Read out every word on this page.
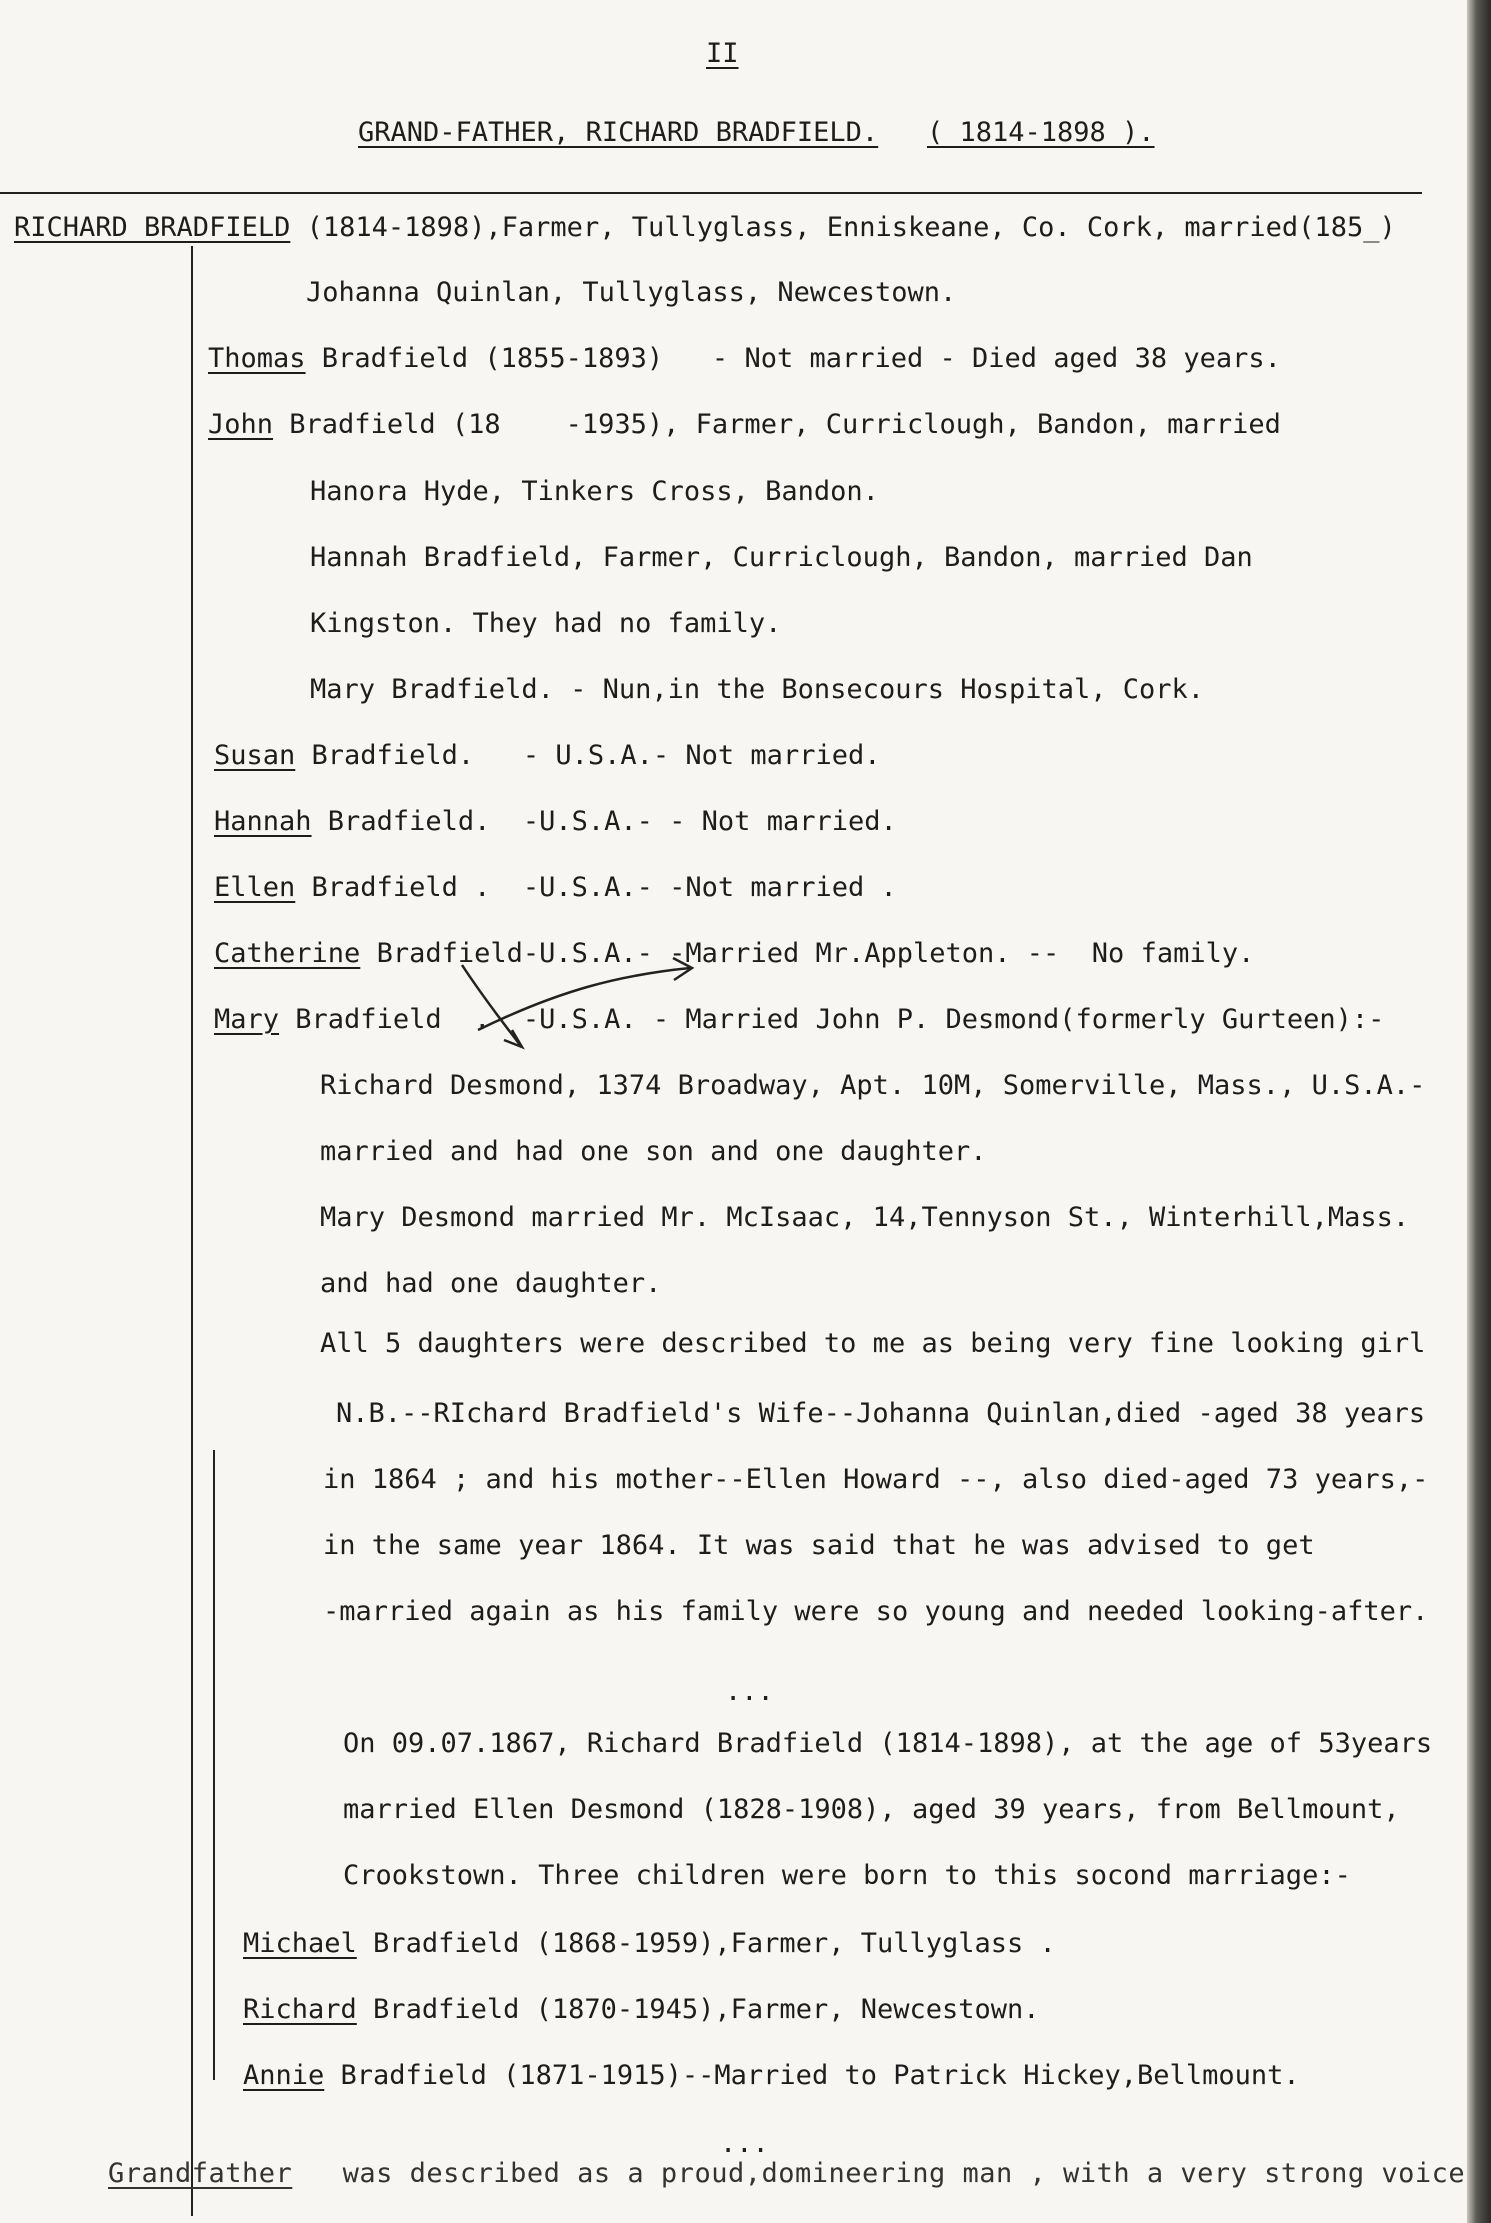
II
GRAND-FATHER, RICHARD BRADFIELD. ( 1814-1898 ).
RICHARD BRADFIELD (1814-1898),Farmer, Tullyglass, Enniskeane, Co. Cork, married(185_)
Johanna Quinlan, Tullyglass, Newcestown.
Thomas Bradfield (1855-1893)   - Not married - Died aged 38 years.
John Bradfield (18    -1935), Farmer, Curriclough, Bandon, married
Hanora Hyde, Tinkers Cross, Bandon.
Hannah Bradfield, Farmer, Curriclough, Bandon, married Dan
Kingston. They had no family.
Mary Bradfield. - Nun,in the Bonsecours Hospital, Cork.
Susan Bradfield.   - U.S.A.- Not married.
Hannah Bradfield.  -U.S.A.- - Not married.
Ellen Bradfield .  -U.S.A.- -Not married .
Catherine Bradfield-U.S.A.- -Married Mr.Appleton. --  No family.
Mary Bradfield  .  -U.S.A. - Married John P. Desmond(formerly Gurteen):-
Richard Desmond, 1374 Broadway, Apt. 10M, Somerville, Mass., U.S.A.-
married and had one son and one daughter.
Mary Desmond married Mr. McIsaac, 14,Tennyson St., Winterhill,Mass.
and had one daughter.
All 5 daughters were described to me as being very fine looking girl
N.B.--RIchard Bradfield's Wife--Johanna Quinlan,died -aged 38 years
in 1864 ; and his mother--Ellen Howard --, also died-aged 73 years,-
in the same year 1864. It was said that he was advised to get
-married again as his family were so young and needed looking-after.
...
On 09.07.1867, Richard Bradfield (1814-1898), at the age of 53years
married Ellen Desmond (1828-1908), aged 39 years, from Bellmount,
Crookstown. Three children were born to this socond marriage:-
Michael Bradfield (1868-1959),Farmer, Tullyglass .
Richard Bradfield (1870-1945),Farmer, Newcestown.
Annie Bradfield (1871-1915)--Married to Patrick Hickey,Bellmount.
...
Grandfather   was described as a proud,domineering man , with a very strong voice
